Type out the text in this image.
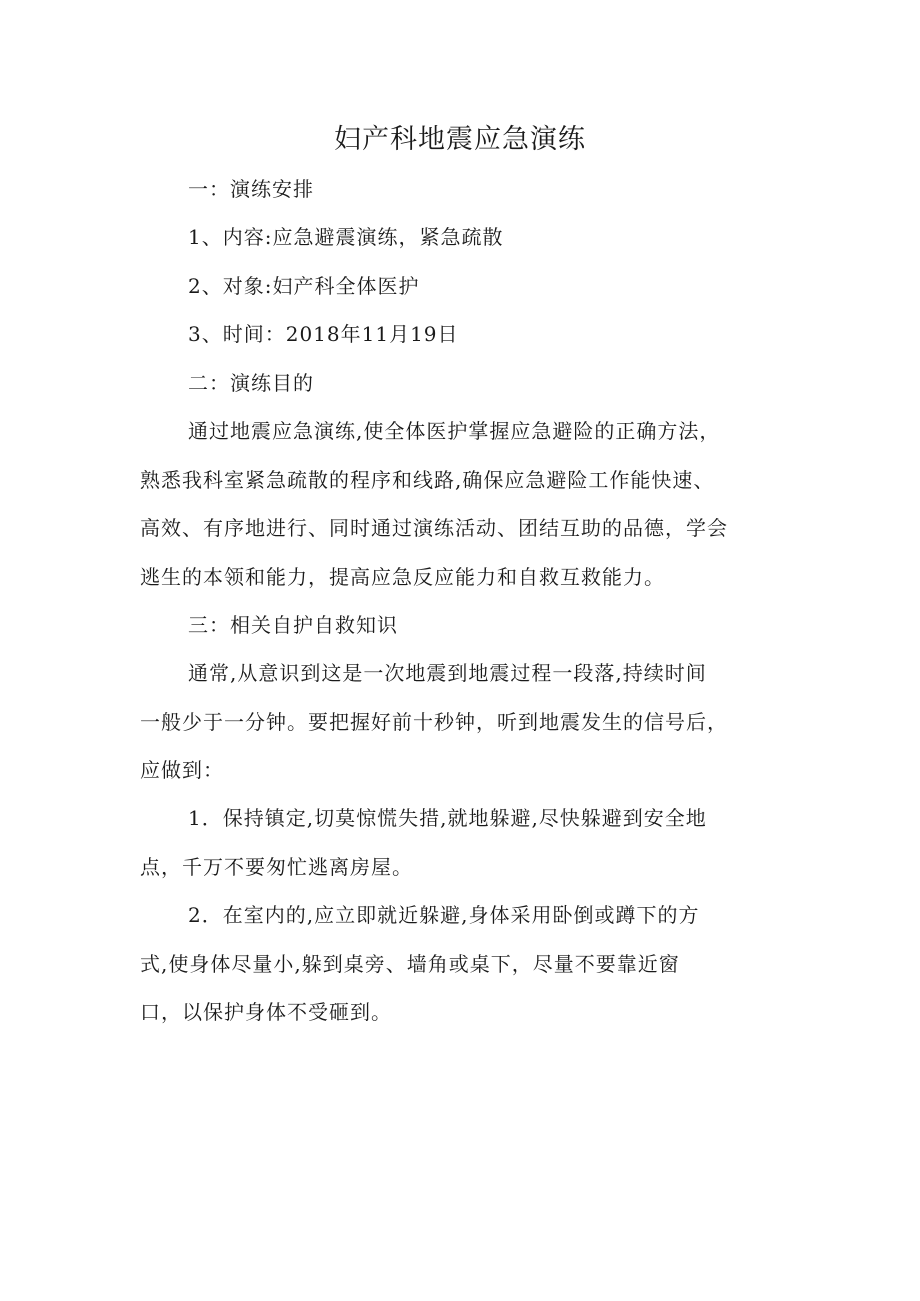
妇产科地震应急演练
一：演练安排
1、内容:应急避震演练，紧急疏散
2、对象:妇产科全体医护
3、时间：2018年11月19日
二：演练目的
通过地震应急演练,使全体医护掌握应急避险的正确方法，
熟悉我科室紧急疏散的程序和线路,确保应急避险工作能快速、
高效、有序地进行、同时通过演练活动、团结互助的品德，学会
逃生的本领和能力，提高应急反应能力和自救互救能力。
三：相关自护自救知识
通常,从意识到这是一次地震到地震过程一段落,持续时间
一般少于一分钟。要把握好前十秒钟，听到地震发生的信号后，
应做到：
1．保持镇定,切莫惊慌失措,就地躲避,尽快躲避到安全地
点，千万不要匆忙逃离房屋。
2．在室内的,应立即就近躲避,身体采用卧倒或蹲下的方
式,使身体尽量小,躲到桌旁、墙角或桌下，尽量不要靠近窗
口，以保护身体不受砸到。
